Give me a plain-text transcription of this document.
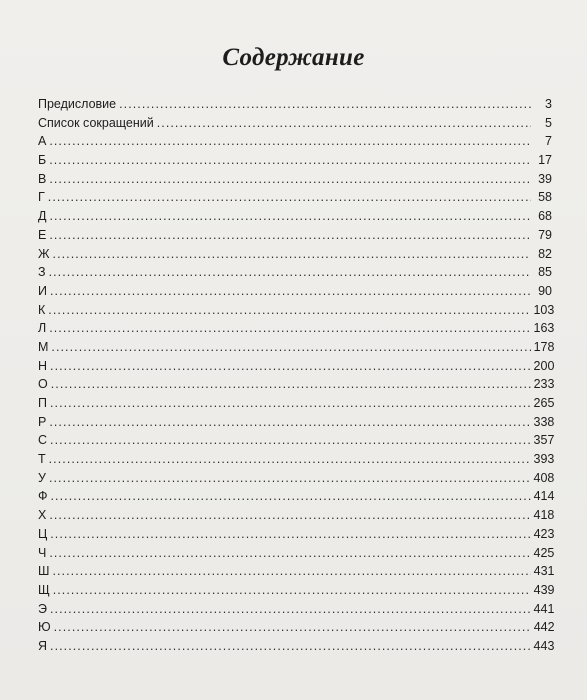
Содержание
Предисловие . . .	3
Список сокращений . . .	5
А . . .	7
Б . . .	17
В . . .	39
Г . . .	58
Д . . .	68
Е . . .	79
Ж . . .	82
З . . .	85
И . . .	90
К . . .	103
Л . . .	163
М . . .	178
Н . . .	200
О . . .	233
П . . .	265
Р . . .	338
С . . .	357
Т . . .	393
У . . .	408
Ф . . .	414
Х . . .	418
Ц . . .	423
Ч . . .	425
Ш . . .	431
Щ . . .	439
Э . . .	441
Ю . . .	442
Я . . .	443
